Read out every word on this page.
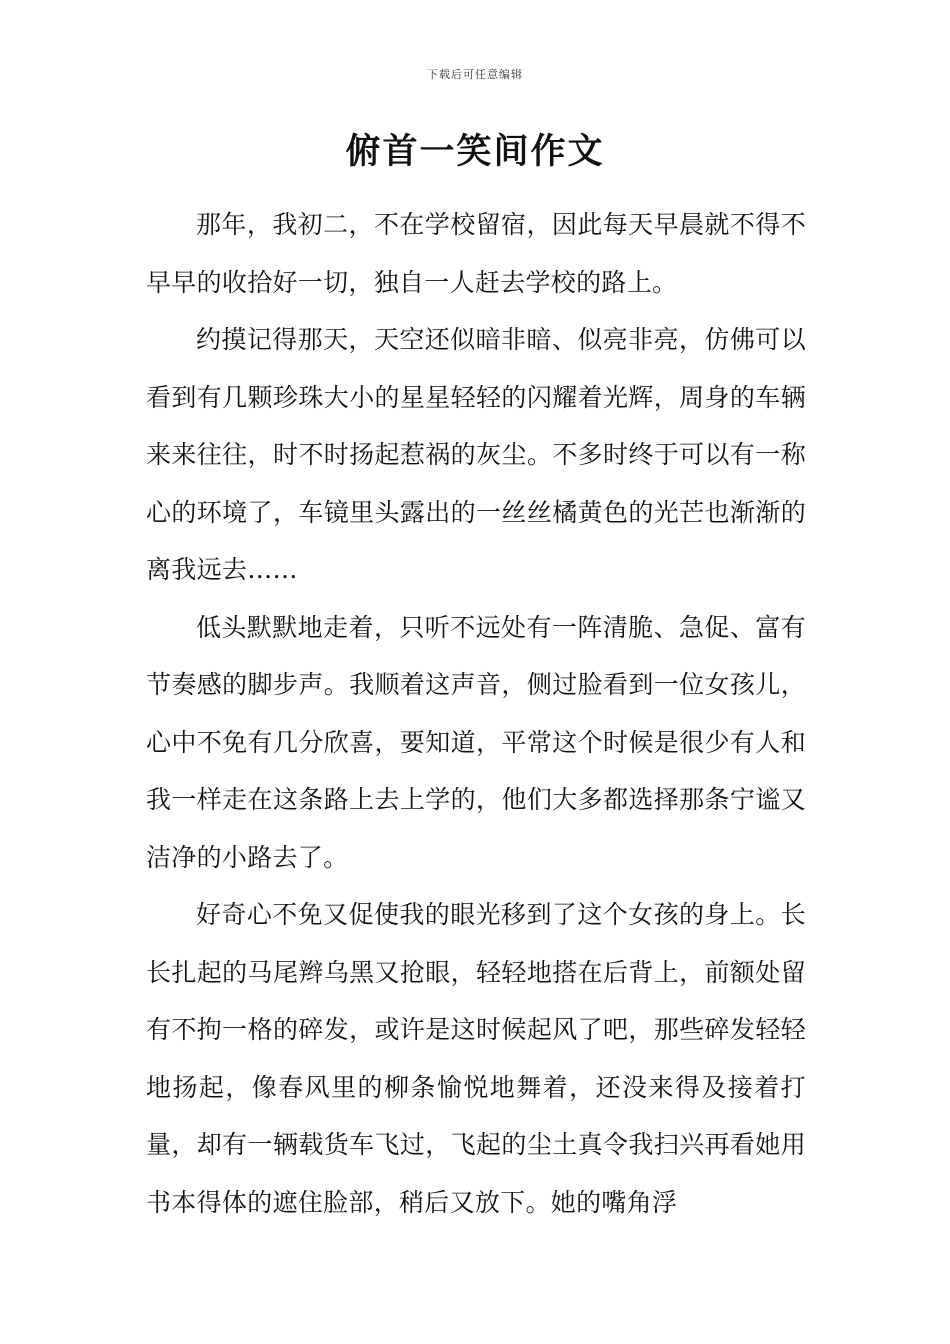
下载后可任意编辑
俯首一笑间作文

那年，我初二，不在学校留宿，因此每天早晨就不得不早早的收拾好一切，独自一人赶去学校的路上。

约摸记得那天，天空还似暗非暗、似亮非亮，仿佛可以看到有几颗珍珠大小的星星轻轻的闪耀着光辉，周身的车辆来来往往，时不时扬起惹祸的灰尘。不多时终于可以有一称心的环境了，车镜里头露出的一丝丝橘黄色的光芒也渐渐的离我远去……

低头默默地走着，只听不远处有一阵清脆、急促、富有节奏感的脚步声。我顺着这声音，侧过脸看到一位女孩儿，心中不免有几分欣喜，要知道，平常这个时候是很少有人和我一样走在这条路上去上学的，他们大多都选择那条宁谧又洁净的小路去了。

好奇心不免又促使我的眼光移到了这个女孩的身上。长长扎起的马尾辫乌黑又抢眼，轻轻地搭在后背上，前额处留有不拘一格的碎发，或许是这时候起风了吧，那些碎发轻轻地扬起，像春风里的柳条愉悦地舞着，还没来得及接着打量，却有一辆载货车飞过，飞起的尘土真令我扫兴再看她用书本得体的遮住脸部，稍后又放下。她的嘴角浮
